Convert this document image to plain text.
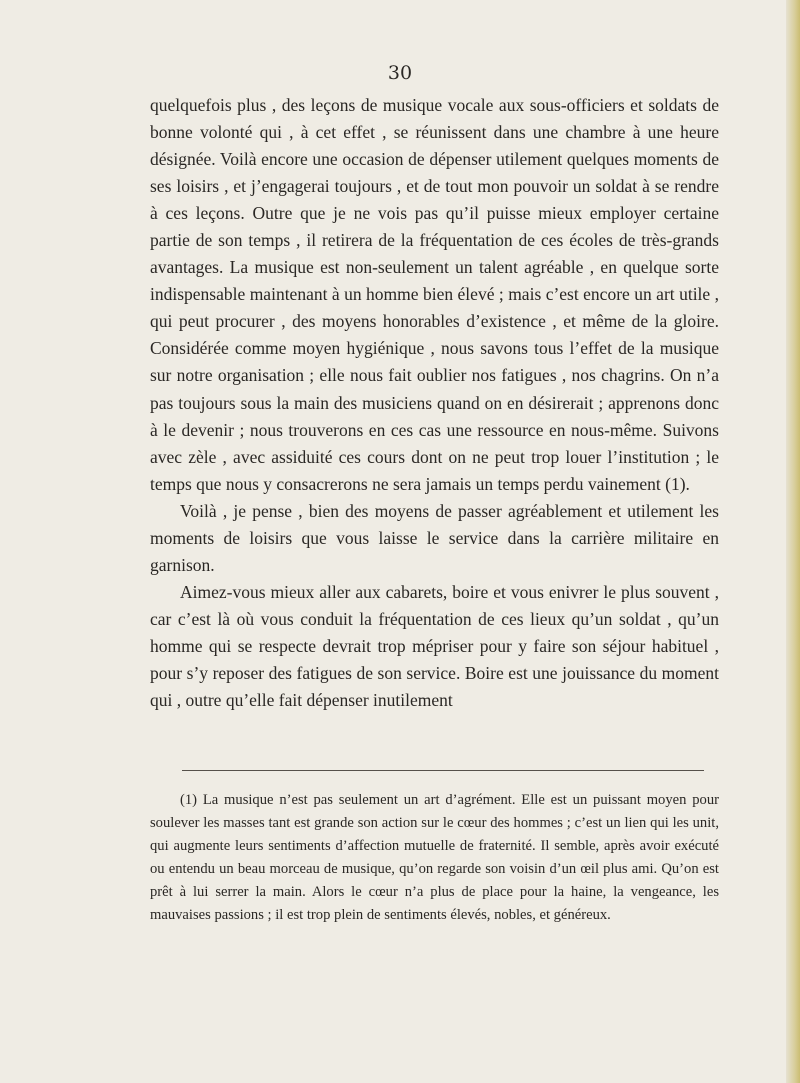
30

quelquefois plus , des leçons de musique vocale aux sous-officiers et soldats de bonne volonté qui , à cet effet , se réunissent dans une chambre à une heure désignée. Voilà encore une occasion de dépenser utilement quelques moments de ses loisirs , et j’engagerai toujours , et de tout mon pouvoir un soldat à se rendre à ces leçons. Outre que je ne vois pas qu’il puisse mieux employer certaine partie de son temps , il retirera de la fréquentation de ces écoles de très-grands avantages. La musique est non-seulement un talent agréable , en quelque sorte indispensable maintenant à un homme bien élevé ; mais c’est encore un art utile , qui peut procurer , des moyens honorables d’existence , et même de la gloire. Considérée comme moyen hygiénique , nous savons tous l’effet de la musique sur notre organisation ; elle nous fait oublier nos fatigues , nos chagrins. On n’a pas toujours sous la main des musiciens quand on en désirerait ; apprenons donc à le devenir ; nous trouverons en ces cas une ressource en nous-même. Suivons avec zèle , avec assiduité ces cours dont on ne peut trop louer l’institution ; le temps que nous y consacrerons ne sera jamais un temps perdu vainement (1).

Voilà , je pense , bien des moyens de passer agréablement et utilement les moments de loisirs que vous laisse le service dans la carrière militaire en garnison.

Aimez-vous mieux aller aux cabarets, boire et vous enivrer le plus souvent , car c’est là où vous conduit la fréquentation de ces lieux qu’un soldat , qu’un homme qui se respecte devrait trop mépriser pour y faire son séjour habituel , pour s’y reposer des fatigues de son service. Boire est une jouissance du moment qui , outre qu’elle fait dépenser inutilement

(1) La musique n’est pas seulement un art d’agrément. Elle est un puissant moyen pour soulever les masses tant est grande son action sur le cœur des hommes ; c’est un lien qui les unit, qui augmente leurs sentiments d’affection mutuelle de fraternité. Il semble, après avoir exécuté ou entendu un beau morceau de musique, qu’on regarde son voisin d’un œil plus ami. Qu’on est prêt à lui serrer la main. Alors le cœur n’a plus de place pour la haine, la vengeance, les mauvaises passions ; il est trop plein de sentiments élevés, nobles, et généreux.
